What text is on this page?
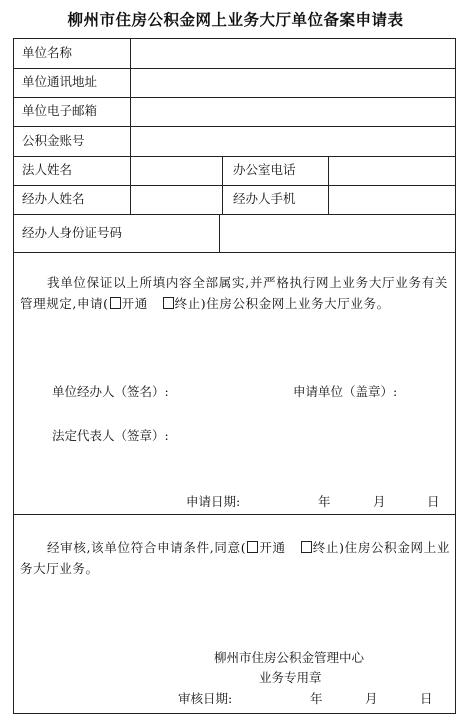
柳州市住房公积金网上业务大厅单位备案申请表
单位名称
单位通讯地址
单位电子邮箱
公积金账号
法人姓名	办公室电话
经办人姓名	经办人手机
经办人身份证号码
我单位保证以上所填内容全部属实,并严格执行网上业务大厅业务有关管理规定,申请( 开通 终止)住房公积金网上业务大厅业务。
单位经办人（签名）:	申请单位（盖章）:
法定代表人（签章）:
申请日期:	年	月	日
经审核,该单位符合申请条件,同意( 开通 终止)住房公积金网上业务大厅业务。
柳州市住房公积金管理中心
业务专用章
审核日期:	年	月	日
